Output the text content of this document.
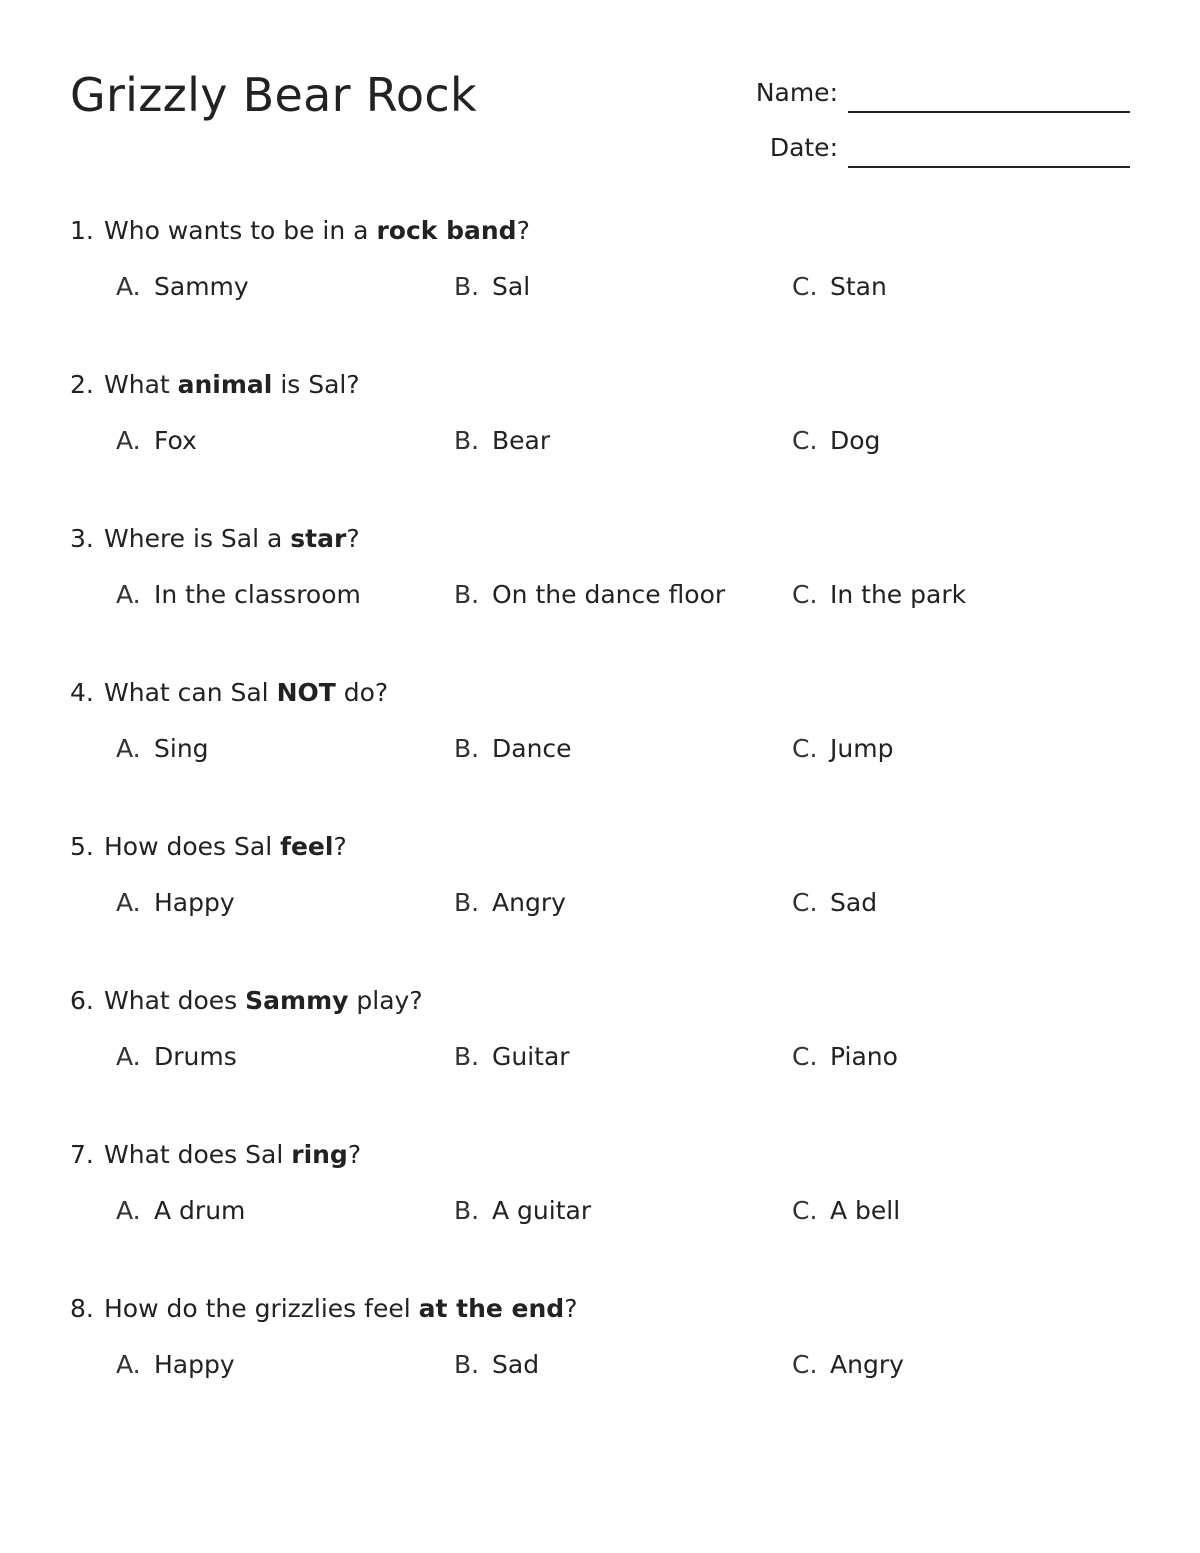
Grizzly Bear Rock	Name:
Date:
1. Who wants to be in a rock band?
A. Sammy	B. Sal	C. Stan
2. What animal is Sal?
A. Fox	B. Bear	C. Dog
3. Where is Sal a star?
A. In the classroom	B. On the dance floor	C. In the park
4. What can Sal NOT do?
A. Sing	B. Dance	C. Jump
5. How does Sal feel?
A. Happy	B. Angry	C. Sad
6. What does Sammy play?
A. Drums	B. Guitar	C. Piano
7. What does Sal ring?
A. A drum	B. A guitar	C. A bell
8. How do the grizzlies feel at the end?
A. Happy	B. Sad	C. Angry
